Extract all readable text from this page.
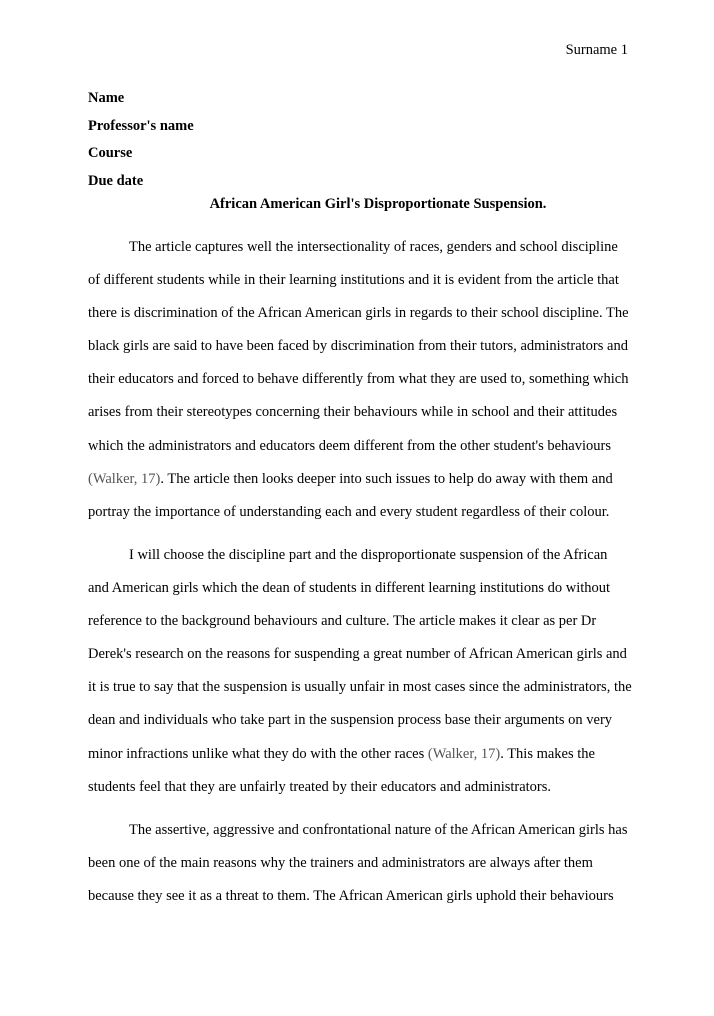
Surname 1
Name
Professor's name
Course
Due date
African American Girl's Disproportionate Suspension.
The article captures well the intersectionality of races, genders and school discipline
of different students while in their learning institutions and it is evident from the article that
there is discrimination of the African American girls in regards to their school discipline. The
black girls are said to have been faced by discrimination from their tutors, administrators and
their educators and forced to behave differently from what they are used to, something which
arises from their stereotypes concerning their behaviours while in school and their attitudes
which the administrators and educators deem different from the other student's behaviours
(Walker, 17). The article then looks deeper into such issues to help do away with them and
portray the importance of understanding each and every student regardless of their colour.
I will choose the discipline part and the disproportionate suspension of the African
and American girls which the dean of students in different learning institutions do without
reference to the background behaviours and culture. The article makes it clear as per Dr
Derek's research on the reasons for suspending a great number of African American girls and
it is true to say that the suspension is usually unfair in most cases since the administrators, the
dean and individuals who take part in the suspension process base their arguments on very
minor infractions unlike what they do with the other races (Walker, 17). This makes the
students feel that they are unfairly treated by their educators and administrators.
The assertive, aggressive and confrontational nature of the African American girls has
been one of the main reasons why the trainers and administrators are always after them
because they see it as a threat to them. The African American girls uphold their behaviours
